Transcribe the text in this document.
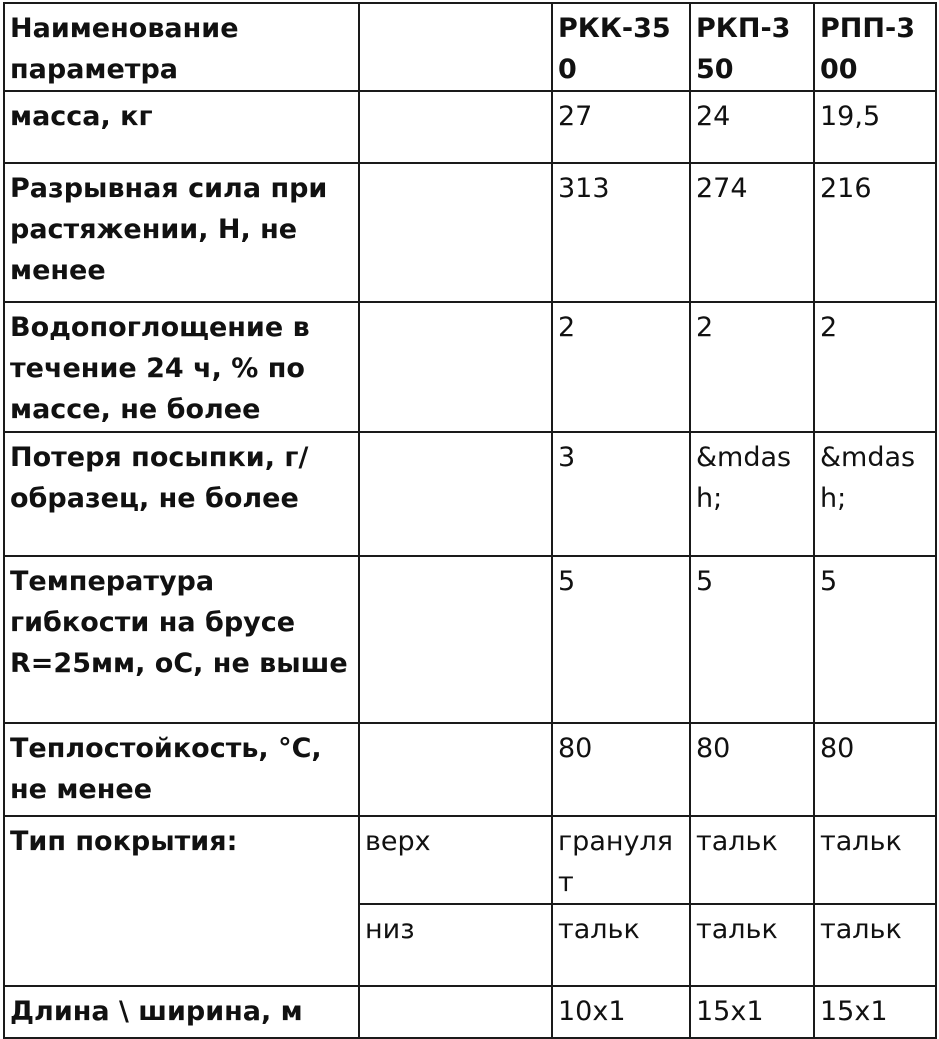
Наименование параметра		РКК-350	РКП-350	РПП-300
масса, кг		27	24	19,5
Разрывная сила при растяжении, Н, не менее		313	274	216
Водопоглощение в течение 24 ч, % по массе, не более		2	2	2
Потеря посыпки, г/образец, не более		3	&mdash;	&mdash;
Температура гибкости на брусе R=25мм, оС, не выше		5	5	5
Теплостойкость, °С, не менее		80	80	80
Тип покрытия:	верх	гранулят	тальк	тальк
	низ	тальк	тальк	тальк
Длина \ ширина, м		10х1	15х1	15х1
